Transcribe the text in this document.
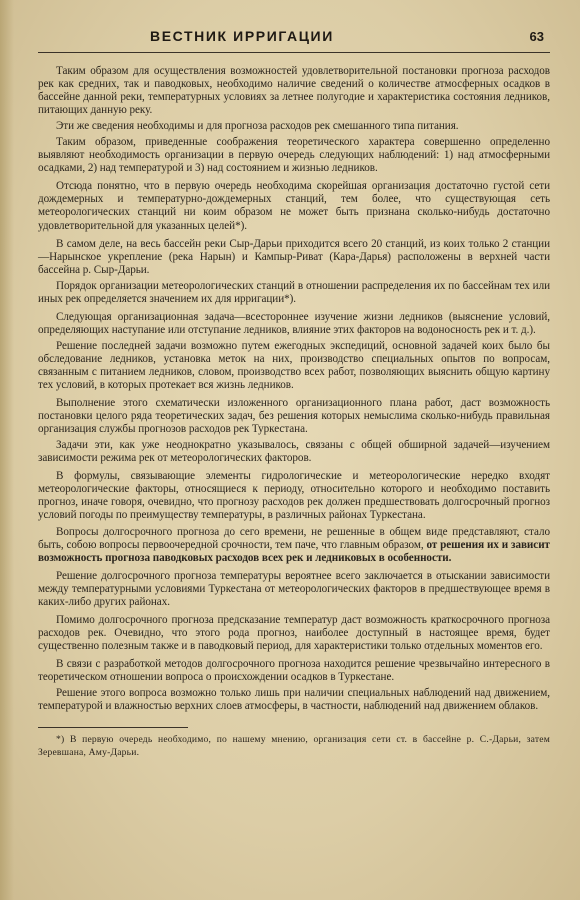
ВЕСТНИК ИРРИГАЦИИ	63

Таким образом для осуществления возможностей удовлетворительной постановки прогноза расходов рек как средних, так и паводковых, необходимо наличие сведений о количестве атмосферных осадков в бассейне данной реки, температурных условиях за летнее полугодие и характеристика состояния ледников, питающих данную реку.

Эти же сведения необходимы и для прогноза расходов рек смешанного типа питания.

Таким образом, приведенные соображения теоретического характера совершенно определенно выявляют необходимость организации в первую очередь следующих наблюдений: 1) над атмосферными осадками, 2) над температурой и 3) над состоянием и жизнью ледников.

Отсюда понятно, что в первую очередь необходима скорейшая организация достаточно густой сети дождемерных и температурно-дождемерных станций, тем более, что существующая сеть метеорологических станций ни коим образом не может быть признана сколько-нибудь достаточно удовлетворительной для указанных целей*).

В самом деле, на весь бассейн реки Сыр-Дарьи приходится всего 20 станций, из коих только 2 станции—Нарынское укрепление (река Нарын) и Кампыр-Риват (Кара-Дарья) расположены в верхней части бассейна р. Сыр-Дарьи.

Порядок организации метеорологических станций в отношении распределения их по бассейнам тех или иных рек определяется значением их для ирригации*).

Следующая организационная задача—всестороннее изучение жизни ледников (выяснение условий, определяющих наступание или отступание ледников, влияние этих факторов на водоносность рек и т. д.).

Решение последней задачи возможно путем ежегодных экспедиций, основной задачей коих было бы обследование ледников, установка меток на них, производство специальных опытов по вопросам, связанным с питанием ледников, словом, производство всех работ, позволяющих выяснить общую картину тех условий, в которых протекает вся жизнь ледников.

Выполнение этого схематически изложенного организационного плана работ, даст возможность постановки целого ряда теоретических задач, без решения которых немыслима сколько-нибудь правильная организация службы прогнозов расходов рек Туркестана.

Задачи эти, как уже неоднократно указывалось, связаны с общей обширной задачей—изучением зависимости режима рек от метеорологических факторов.

В формулы, связывающие элементы гидрологические и метеорологические нередко входят метеорологические факторы, относящиеся к периоду, относительно которого и необходимо поставить прогноз, иначе говоря, очевидно, что прогнозу расходов рек должен предшествовать долгосрочный прогноз условий погоды по преимуществу температуры, в различных районах Туркестана.

Вопросы долгосрочного прогноза до сего времени, не решенные в общем виде представляют, стало быть, собою вопросы первоочередной срочности, тем паче, что главным образом, от решения их и зависит возможность прогноза паводковых расходов всех рек и ледниковых в особенности.

Решение долгосрочного прогноза температуры вероятнее всего заключается в отыскании зависимости между температурными условиями Туркестана от метеорологических факторов в предшествующее время в каких-либо других районах.

Помимо долгосрочного прогноза предсказание температур даст возможность краткосрочного прогноза расходов рек. Очевидно, что этого рода прогноз, наиболее доступный в настоящее время, будет существенно полезным также и в паводковый период, для характеристики только отдельных моментов его.

В связи с разработкой методов долгосрочного прогноза находится решение чрезвычайно интересного в теоретическом отношении вопроса о происхождении осадков в Туркестане.

Решение этого вопроса возможно только лишь при наличии специальных наблюдений над движением, температурой и влажностью верхних слоев атмосферы, в частности, наблюдений над движением облаков.

*) В первую очередь необходимо, по нашему мнению, организация сети ст. в бассейне р. С.-Дарьи, затем Зеревшана, Аму-Дарьи.
